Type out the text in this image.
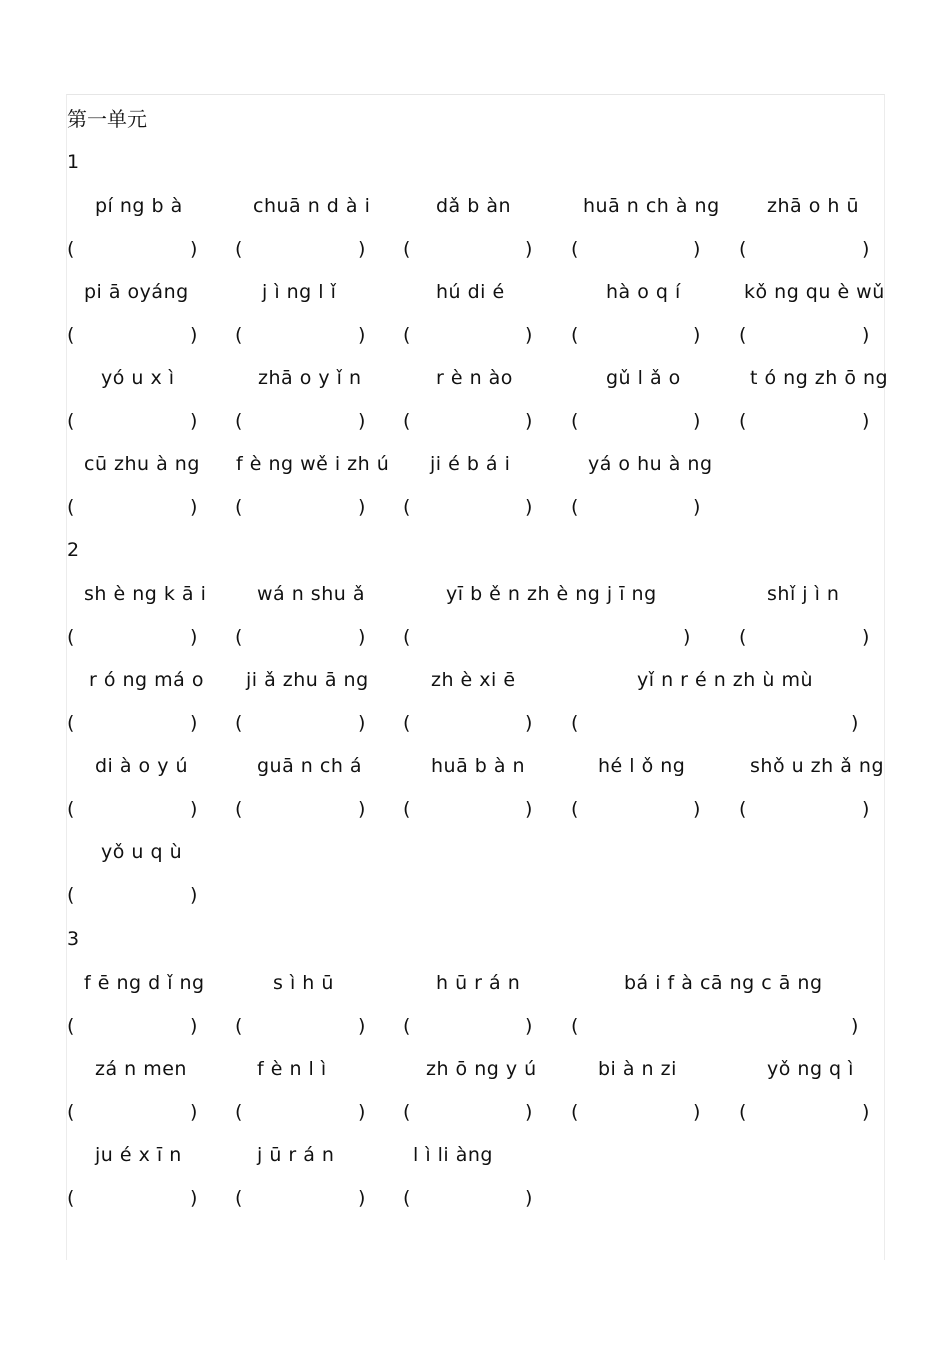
第一单元
1
pí ng b à
(	)
chuā n d à i
(	)
dǎ b àn
(	)
huā n ch à ng
(	)
zhā o h ū
(	)
pi ā oyáng
(	)
j ì ng l ǐ
(	)
hú di é
(	)
hà o q í
(	)
kǒ ng qu è wǔ
(	)
yó u x ì
(	)
zhā o y ǐ n
(	)
r è n ào
(	)
gǔ l ǎ o
(	)
t ó ng zh ō ng
(	)
cū zhu à ng
(	)
f è ng wě i zh ú
(	)
ji é b á i
(	)
yá o hu à ng
(	)
2
sh è ng k ā i
(	)
wá n shu ǎ
(	)
yī b ě n zh è ng j ī ng
(	)
shǐ j ì n
(	)
r ó ng má o
(	)
ji ǎ zhu ā ng
(	)
zh è xi ē
(	)
yǐ n r é n zh ù mù
(	)
di à o y ú
(	)
guā n ch á
(	)
huā b à n
(	)
hé l ǒ ng
(	)
shǒ u zh ǎ ng
(	)
yǒ u q ù
(	)
3
f ē ng d ǐ ng
(	)
s ì h ū
(	)
h ū r á n
(	)
bá i f à cā ng c ā ng
(	)
zá n men
(	)
f è n l ì
(	)
zh ō ng y ú
(	)
bi à n zi
(	)
yǒ ng q ì
(	)
ju é x ī n
(	)
j ū r á n
(	)
l ì li àng
(	)
